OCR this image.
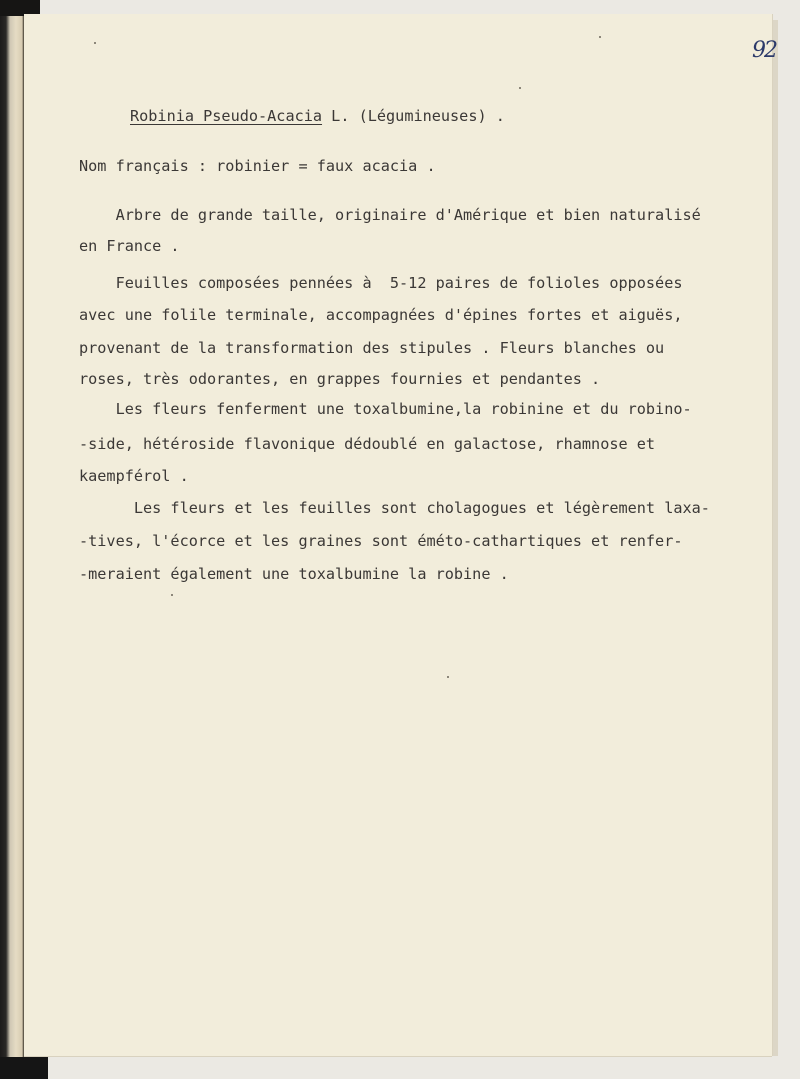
92
Robinia Pseudo-Acacia L. (Légumineuses) .
Nom français : robinier = faux acacia .
Arbre de grande taille, originaire d'Amérique et bien naturalisé
en France .
Feuilles composées pennées à  5-12 paires de folioles opposées
avec une folile terminale, accompagnées d'épines fortes et aiguës,
provenant de la transformation des stipules . Fleurs blanches ou
roses, très odorantes, en grappes fournies et pendantes .
Les fleurs fenferment une toxalbumine,la robinine et du robino-
-side, hétéroside flavonique dédoublé en galactose, rhamnose et
kaempférol .
Les fleurs et les feuilles sont cholagogues et légèrement laxa-
-tives, l'écorce et les graines sont éméto-cathartiques et renfer-
-meraient également une toxalbumine la robine .
